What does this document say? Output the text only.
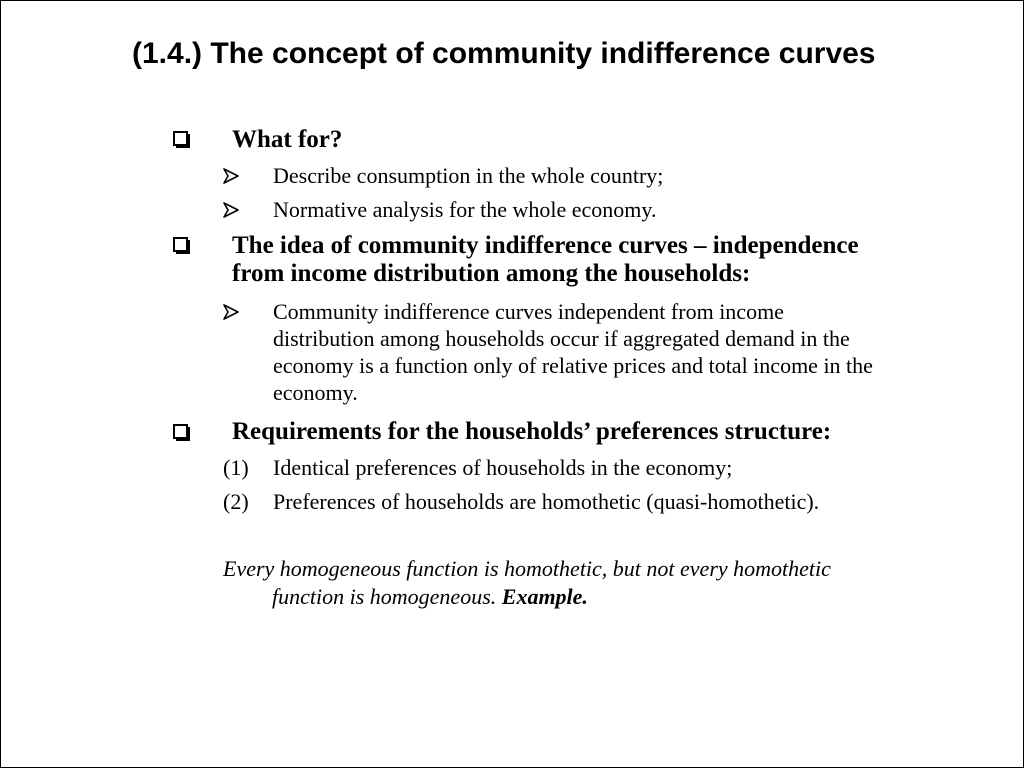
(1.4.) The concept of community indifference curves
What for?
Describe consumption in the whole country;
Normative analysis for the whole economy.
The idea of community indifference curves – independence
from income distribution among the households:
Community indifference curves independent from income
distribution among households occur if aggregated demand in the
economy is a function only of relative prices and total income in the
economy.
Requirements for the households’ preferences structure:
(1) Identical preferences of households in the economy;
(2) Preferences of households are homothetic (quasi-homothetic).
Every homogeneous function is homothetic, but not every homothetic
function is homogeneous. Example.
